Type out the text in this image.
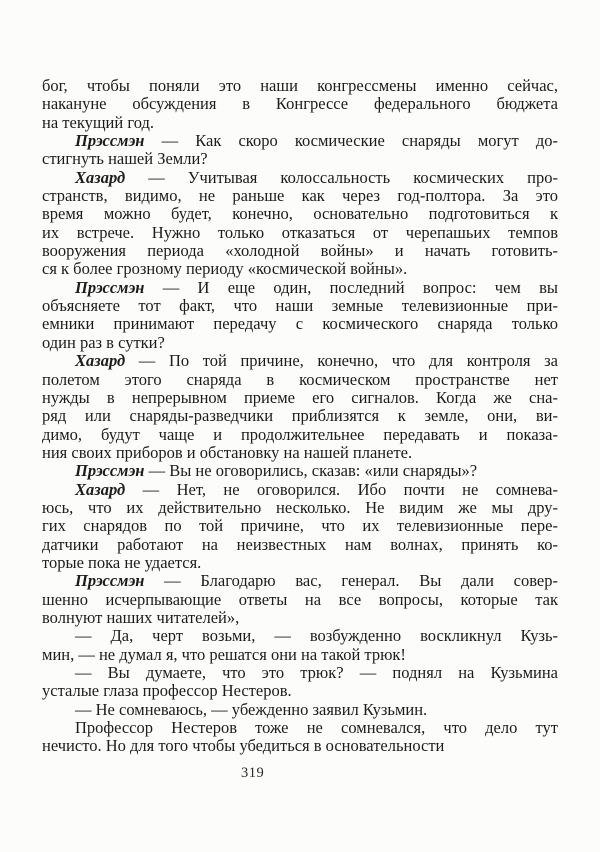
бог, чтобы поняли это наши конгрессмены именно сейчас,
накануне обсуждения в Конгрессе федерального бюджета
на текущий год.
Прэссмэн — Как скоро космические снаряды могут до-
стигнуть нашей Земли?
Хазард — Учитывая колоссальность космических про-
странств, видимо, не раньше как через год-полтора. За это
время можно будет, конечно, основательно подготовиться к
их встрече. Нужно только отказаться от черепашьих темпов
вооружения периода «холодной войны» и начать готовить-
ся к более грозному периоду «космической войны».
Прэссмэн — И еще один, последний вопрос: чем вы
объясняете тот факт, что наши земные телевизионные при-
емники принимают передачу с космического снаряда только
один раз в сутки?
Хазард — По той причине, конечно, что для контроля за
полетом этого снаряда в космическом пространстве нет
нужды в непрерывном приеме его сигналов. Когда же сна-
ряд или снаряды-разведчики приблизятся к земле, они, ви-
димо, будут чаще и продолжительнее передавать и показа-
ния своих приборов и обстановку на нашей планете.
Прэссмэн — Вы не оговорились, сказав: «или снаряды»?
Хазард — Нет, не оговорился. Ибо почти не сомнева-
юсь, что их действительно несколько. Не видим же мы дру-
гих снарядов по той причине, что их телевизионные пере-
датчики работают на неизвестных нам волнах, принять ко-
торые пока не удается.
Прэссмэн — Благодарю вас, генерал. Вы дали совер-
шенно исчерпывающие ответы на все вопросы, которые так
волнуют наших читателей»,
— Да, черт возьми, — возбужденно воскликнул Кузь-
мин, — не думал я, что решатся они на такой трюк!
— Вы думаете, что это трюк? — поднял на Кузьмина
усталые глаза профессор Нестеров.
— Не сомневаюсь, — убежденно заявил Кузьмин.
Профессор Нестеров тоже не сомневался, что дело тут
нечисто. Но для того чтобы убедиться в основательности
319
